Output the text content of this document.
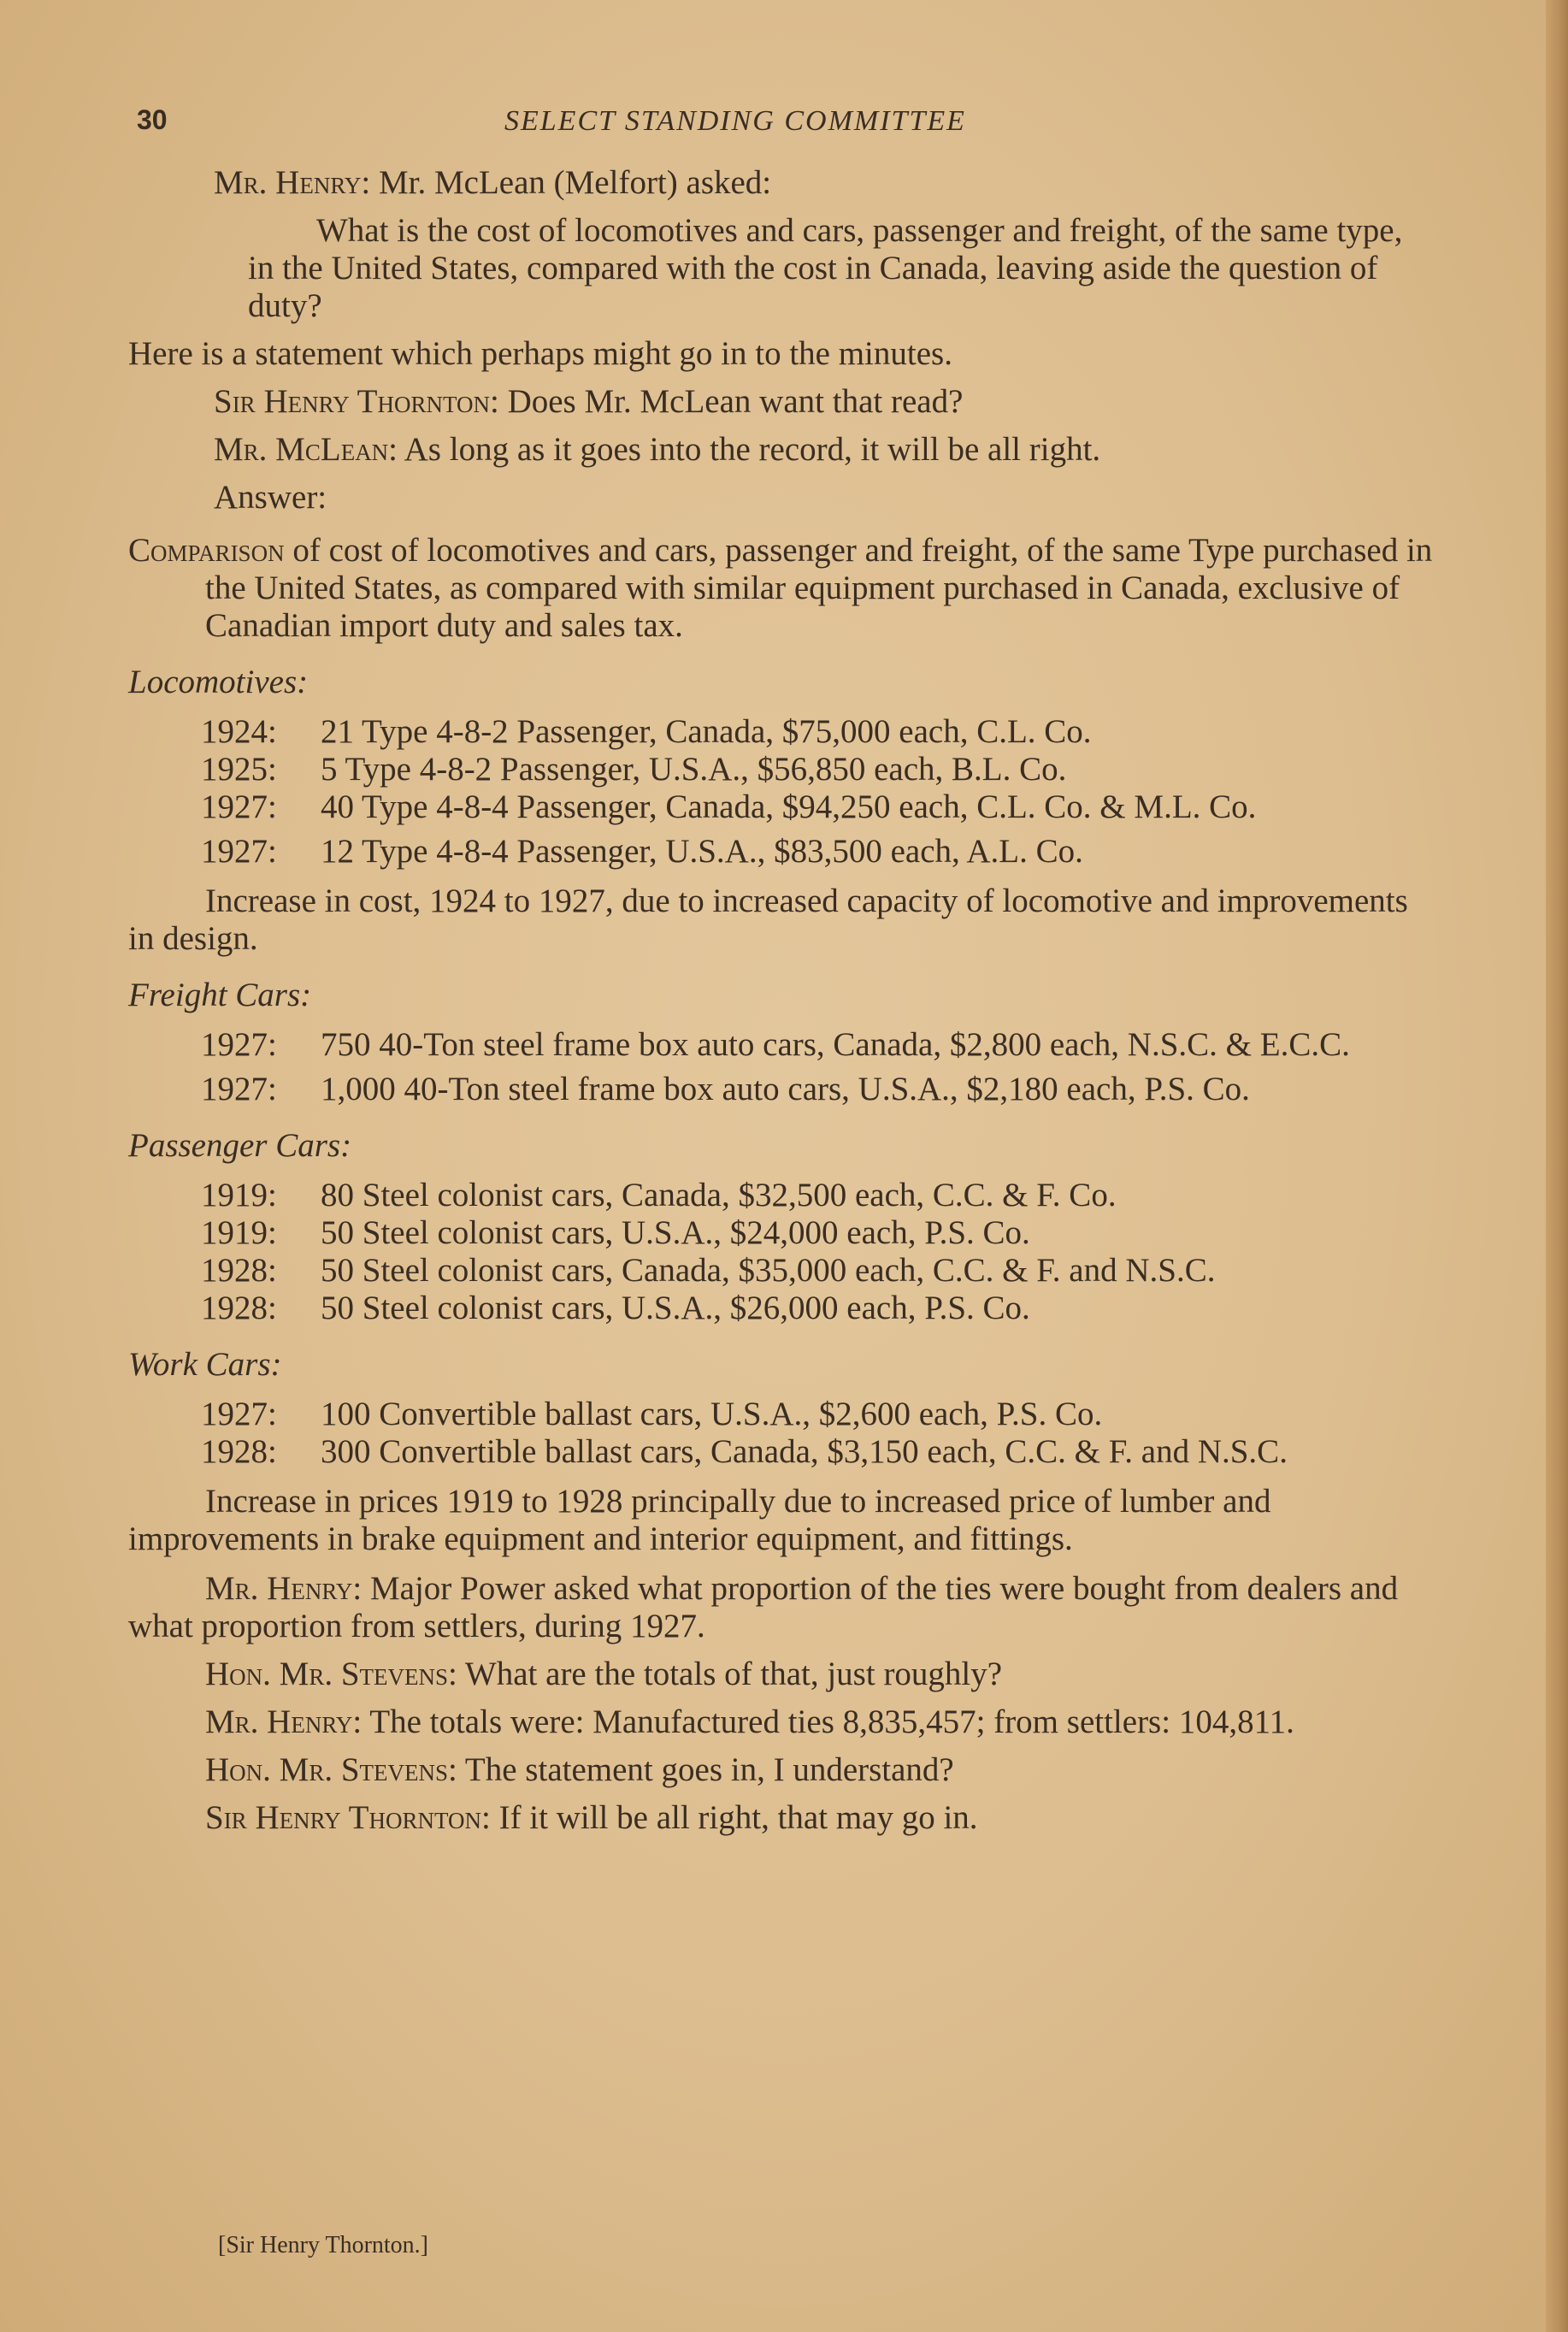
30	SELECT STANDING COMMITTEE

Mr. Henry: Mr. McLean (Melfort) asked:

What is the cost of locomotives and cars, passenger and freight, of the same type, in the United States, compared with the cost in Canada, leaving aside the question of duty?

Here is a statement which perhaps might go in to the minutes.

Sir Henry Thornton: Does Mr. McLean want that read?

Mr. McLean: As long as it goes into the record, it will be all right.

Answer:

Comparison of cost of locomotives and cars, passenger and freight, of the same Type purchased in the United States, as compared with similar equipment purchased in Canada, exclusive of Canadian import duty and sales tax.

Locomotives:
1924:	21 Type 4-8-2 Passenger, Canada, $75,000 each, C.L. Co.
1925:	5 Type 4-8-2 Passenger, U.S.A., $56,850 each, B.L. Co.
1927:	40 Type 4-8-4 Passenger, Canada, $94,250 each, C.L. Co. & M.L. Co.
1927:	12 Type 4-8-4 Passenger, U.S.A., $83,500 each, A.L. Co.

Increase in cost, 1924 to 1927, due to increased capacity of locomotive and improvements in design.

Freight Cars:
1927:	750 40-Ton steel frame box auto cars, Canada, $2,800 each, N.S.C. & E.C.C.
1927:	1,000 40-Ton steel frame box auto cars, U.S.A., $2,180 each, P.S. Co.
Passenger Cars:
1919:	80 Steel colonist cars, Canada, $32,500 each, C.C. & F. Co.
1919:	50 Steel colonist cars, U.S.A., $24,000 each, P.S. Co.
1928:	50 Steel colonist cars, Canada, $35,000 each, C.C. & F. and N.S.C.
1928:	50 Steel colonist cars, U.S.A., $26,000 each, P.S. Co.
Work Cars:
1927:	100 Convertible ballast cars, U.S.A., $2,600 each, P.S. Co.
1928:	300 Convertible ballast cars, Canada, $3,150 each, C.C. & F. and N.S.C.

Increase in prices 1919 to 1928 principally due to increased price of lumber and improvements in brake equipment and interior equipment, and fittings.

Mr. Henry: Major Power asked what proportion of the ties were bought from dealers and what proportion from settlers, during 1927.

Hon. Mr. Stevens: What are the totals of that, just roughly?

Mr. Henry: The totals were: Manufactured ties 8,835,457; from settlers: 104,811.

Hon. Mr. Stevens: The statement goes in, I understand?

Sir Henry Thornton: If it will be all right, that may go in.

[Sir Henry Thornton.]
